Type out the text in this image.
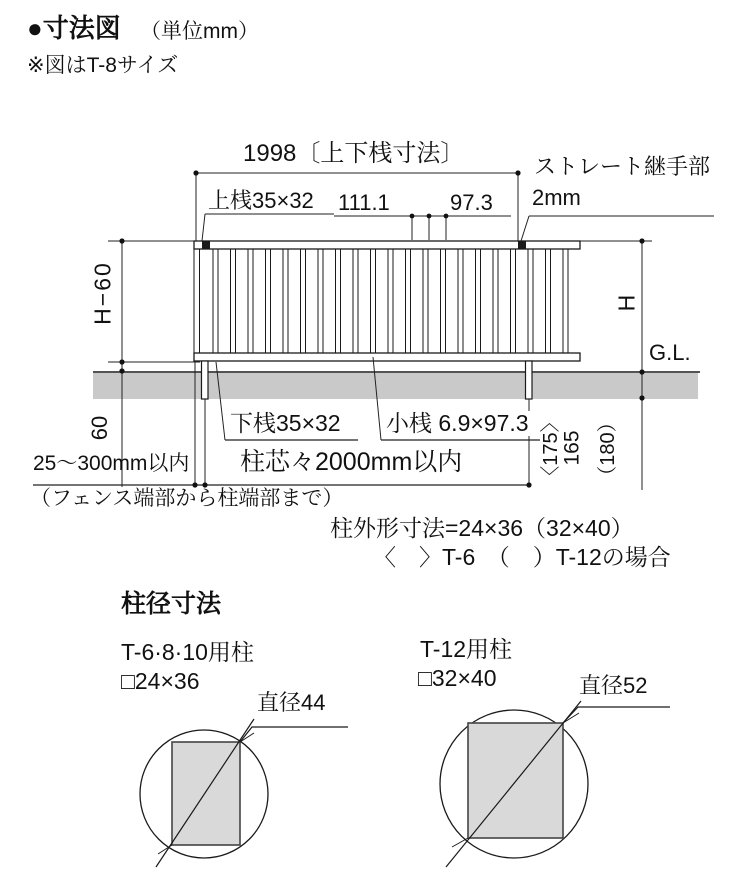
●寸法図 （単位mm）
※図はT-8サイズ
1998〔上下桟寸法〕	ストレート継手部
2mm
上桟35×32 111.1	97.3
H−60	H
G.L.
60	下桟35×32 小桟 6.9×97.3 〈175〉
165 （180）
25〜300mm以内 柱芯々2000mm以内
（フェンス端部から柱端部まで）
柱外形寸法=24×36（32×40）
〈　〉T-6　（　）T-12の場合
柱径寸法
T-6·8·10用柱
□24×36
直径44
T-12用柱
□32×40	直径52
